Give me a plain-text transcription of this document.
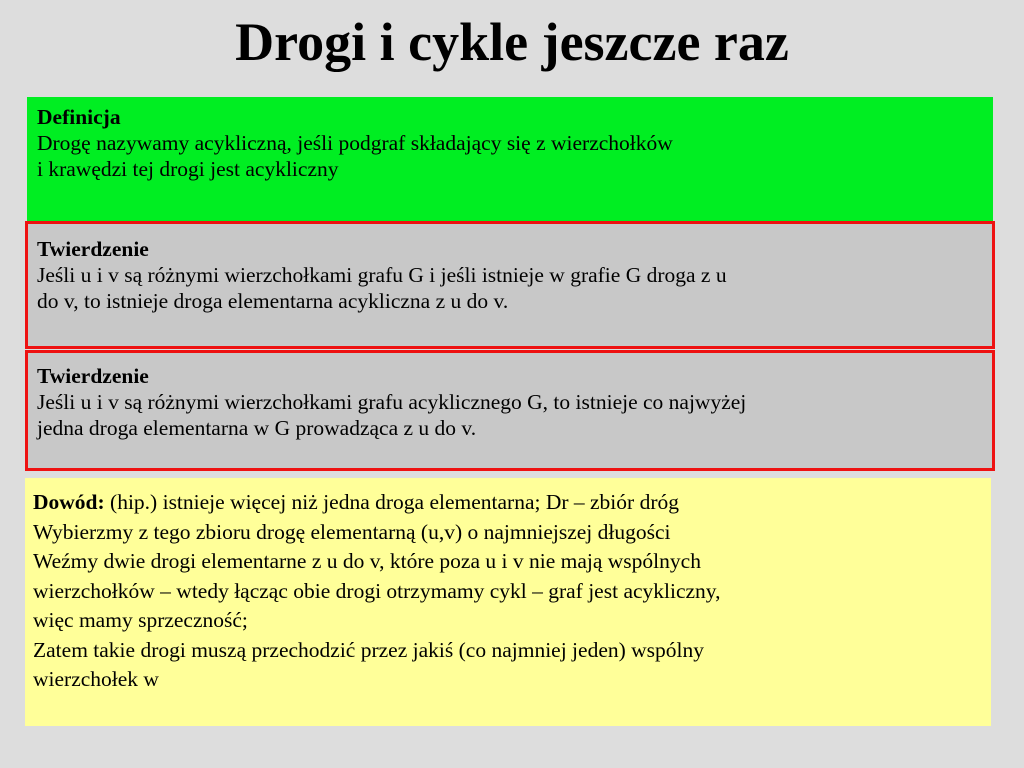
Drogi i cykle jeszcze raz
Definicja
Drogę nazywamy acykliczną, jeśli podgraf składający się z wierzchołków
i krawędzi tej drogi jest acykliczny
Twierdzenie
Jeśli u i v są różnymi wierzchołkami grafu G i jeśli istnieje w grafie G droga z u
do v, to istnieje droga elementarna acykliczna z u do v.
Twierdzenie
Jeśli u i v są różnymi wierzchołkami grafu acyklicznego G, to istnieje co najwyżej
jedna droga elementarna w G prowadząca z u do v.
Dowód: (hip.) istnieje więcej niż jedna droga elementarna; Dr – zbiór dróg
Wybierzmy z tego zbioru drogę elementarną (u,v) o najmniejszej długości
Weźmy dwie drogi elementarne z u do v, które poza u i v nie mają wspólnych
wierzchołków – wtedy łącząc obie drogi otrzymamy cykl – graf jest acykliczny,
więc mamy sprzeczność;
Zatem takie drogi muszą przechodzić przez jakiś (co najmniej jeden) wspólny
wierzchołek w
